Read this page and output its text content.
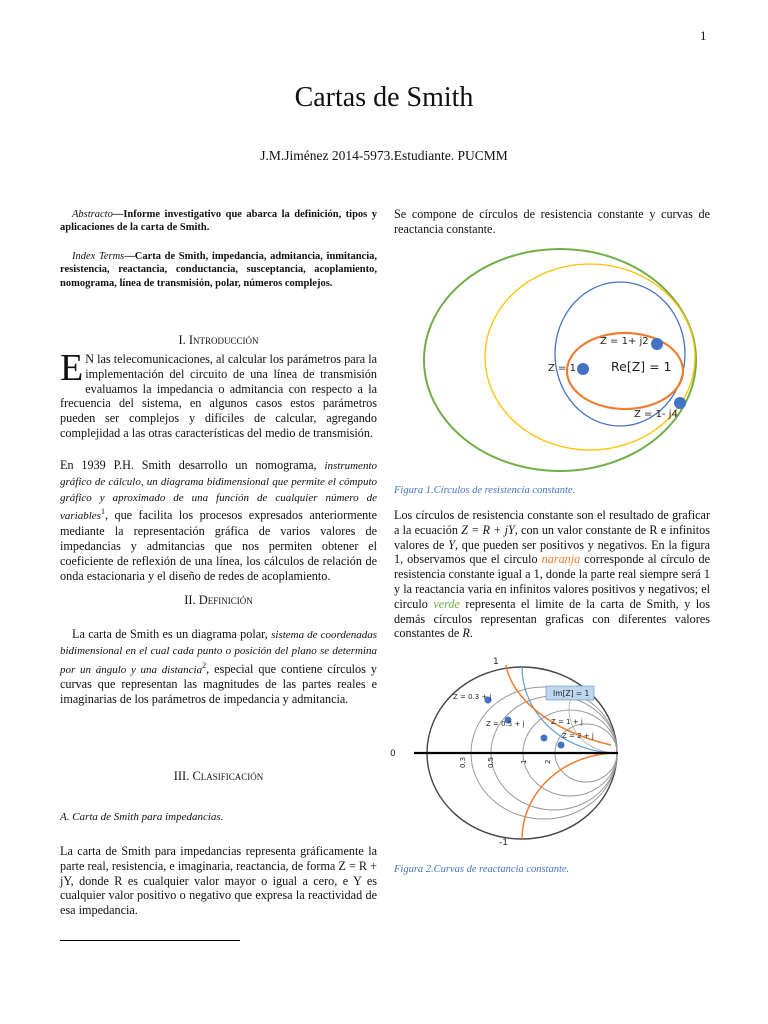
1
Cartas de Smith
J.M.Jiménez 2014-5973.Estudiante. PUCMM
Abstracto—Informe investigativo que abarca la definición, tipos y aplicaciones de la carta de Smith.
Index Terms—Carta de Smith, impedancia, admitancia, inmitancia, resistencia, reactancia, conductancia, susceptancia, acoplamiento, nomograma, línea de transmisión, polar, números complejos.
I. Introducción
E N las telecomunicaciones, al calcular los parámetros para la implementación del circuito de una línea de transmisión evaluamos la impedancia o admitancia con respecto a la frecuencia del sistema, en algunos casos estos parámetros pueden ser complejos y difíciles de calcular, agregando complejidad a las otras características del medio de transmisión.
En 1939 P.H. Smith desarrollo un nomograma, instrumento gráfico de cálculo, un diagrama bidimensional que permite el cómputo gráfico y aproximado de una función de cualquier número de variables$^1$, que facilita los procesos expresados anteriormente mediante la representación gráfica de varios valores de impedancias y admitancias que nos permiten obtener el coeficiente de reflexión de una línea, los cálculos de relación de onda estacionaria y el diseño de redes de acoplamiento.
II. Definición
La carta de Smith es un diagrama polar, sistema de coordenadas bidimensional en el cual cada punto o posición del plano se determina por un ángulo y una distancia$^2$, especial que contiene círculos y curvas que representan las magnitudes de las partes reales e imaginarias de los parámetros de impedancia y admitancia.
III. Clasificación
A. Carta de Smith para impedancias.
La carta de Smith para impedancias representa gráficamente la parte real, resistencia, e imaginaria, reactancia, de forma Z = R + jY, donde R es cualquier valor mayor o igual a cero, e Y es cualquier valor positivo o negativo que expresa la reactividad de esa impedancia.
Se compone de círculos de resistencia constante y curvas de reactancia constante.
Z = 1+ j2
Z = 1	Re[Z] = 1
Z = 1- j4
Figura 1.Círculos de resistencia constante.
Los círculos de resistencia constante son el resultado de graficar a la ecuación Z = R + jY, con un valor constante de R e infinitos valores de Y, que pueden ser positivos y negativos. En la figura 1, observamos que el circulo naranja corresponde al círculo de resistencia constante igual a 1, donde la parte real siempre será 1 y la reactancia varia en infinitos valores positivos y negativos; el circulo verde representa el limite de la carta de Smith, y los demás círculos representan graficas con diferentes valores constantes de R.
1
-1
0
Z = 0.3 + j
Z = 0.5 + j	Z = 1 + j
Z = 2 + j
Im[Z] = 1
0.3	0.5	1 2
Figura 2.Curvas de reactancia constante.
